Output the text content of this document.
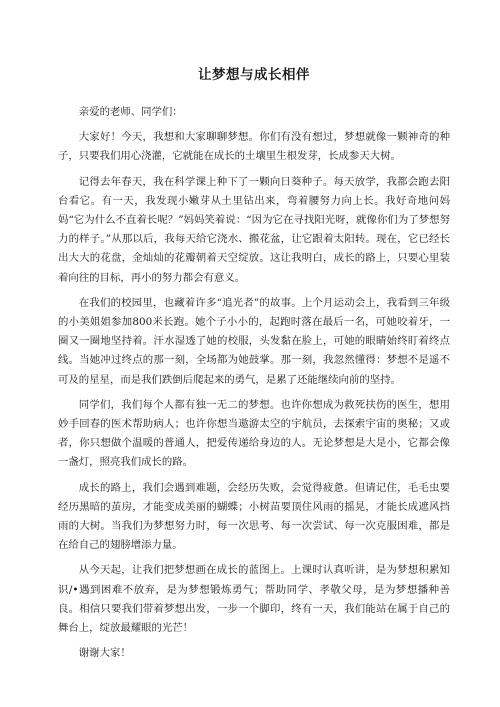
让梦想与成长相伴

亲爱的老师、同学们：

大家好！今天，我想和大家聊聊梦想。你们有没有想过，梦想就像一颗神奇的种子，只要我们用心浇灌，它就能在成长的土壤里生根发芽，长成参天大树。

记得去年春天，我在科学课上种下了一颗向日葵种子。每天放学，我都会跑去阳台看它。有一天，我发现小嫩芽从土里钻出来，弯着腰努力向上长。我好奇地问妈妈“它为什么不直着长呢？”妈妈笑着说：“因为它在寻找阳光呀，就像你们为了梦想努力的样子。”从那以后，我每天给它浇水、搬花盆，让它跟着太阳转。现在，它已经长出大大的花盘，金灿灿的花瓣朝着天空绽放。这让我明白，成长的路上，只要心里装着向往的目标，再小的努力都会有意义。

在我们的校园里，也藏着许多“追光者”的故事。上个月运动会上，我看到三年级的小美姐姐参加800米长跑。她个子小小的，起跑时落在最后一名，可她咬着牙，一圈又一圈地坚持着。汗水湿透了她的校服，头发黏在脸上，可她的眼睛始终盯着终点线。当她冲过终点的那一刻，全场都为她鼓掌。那一刻，我忽然懂得：梦想不是遥不可及的星星，而是我们跌倒后爬起来的勇气，是累了还能继续向前的坚持。

同学们，我们每个人都有独一无二的梦想。也许你想成为救死扶伤的医生，想用妙手回春的医术帮助病人；也许你想当遨游太空的宇航员，去探索宇宙的奥秘；又或者，你只想做个温暖的普通人，把爱传递给身边的人。无论梦想是大是小，它都会像一盏灯，照亮我们成长的路。

成长的路上，我们会遇到难题，会经历失败，会觉得疲惫。但请记住，毛毛虫要经历黑暗的茧房，才能变成美丽的蝴蝶；小树苗要顶住风雨的摇晃，才能长成遮风挡雨的大树。当我们为梦想努力时，每一次思考、每一次尝试、每一次克服困难，都是在给自己的翅膀增添力量。

从今天起，让我们把梦想画在成长的蓝图上。上课时认真听讲，是为梦想积累知识/•遇到困难不放弃，是为梦想锻炼勇气；帮助同学、孝敬父母，是为梦想播种善良。相信只要我们带着梦想出发，一步一个脚印，终有一天，我们能站在属于自己的舞台上，绽放最耀眼的光芒！

谢谢大家！
